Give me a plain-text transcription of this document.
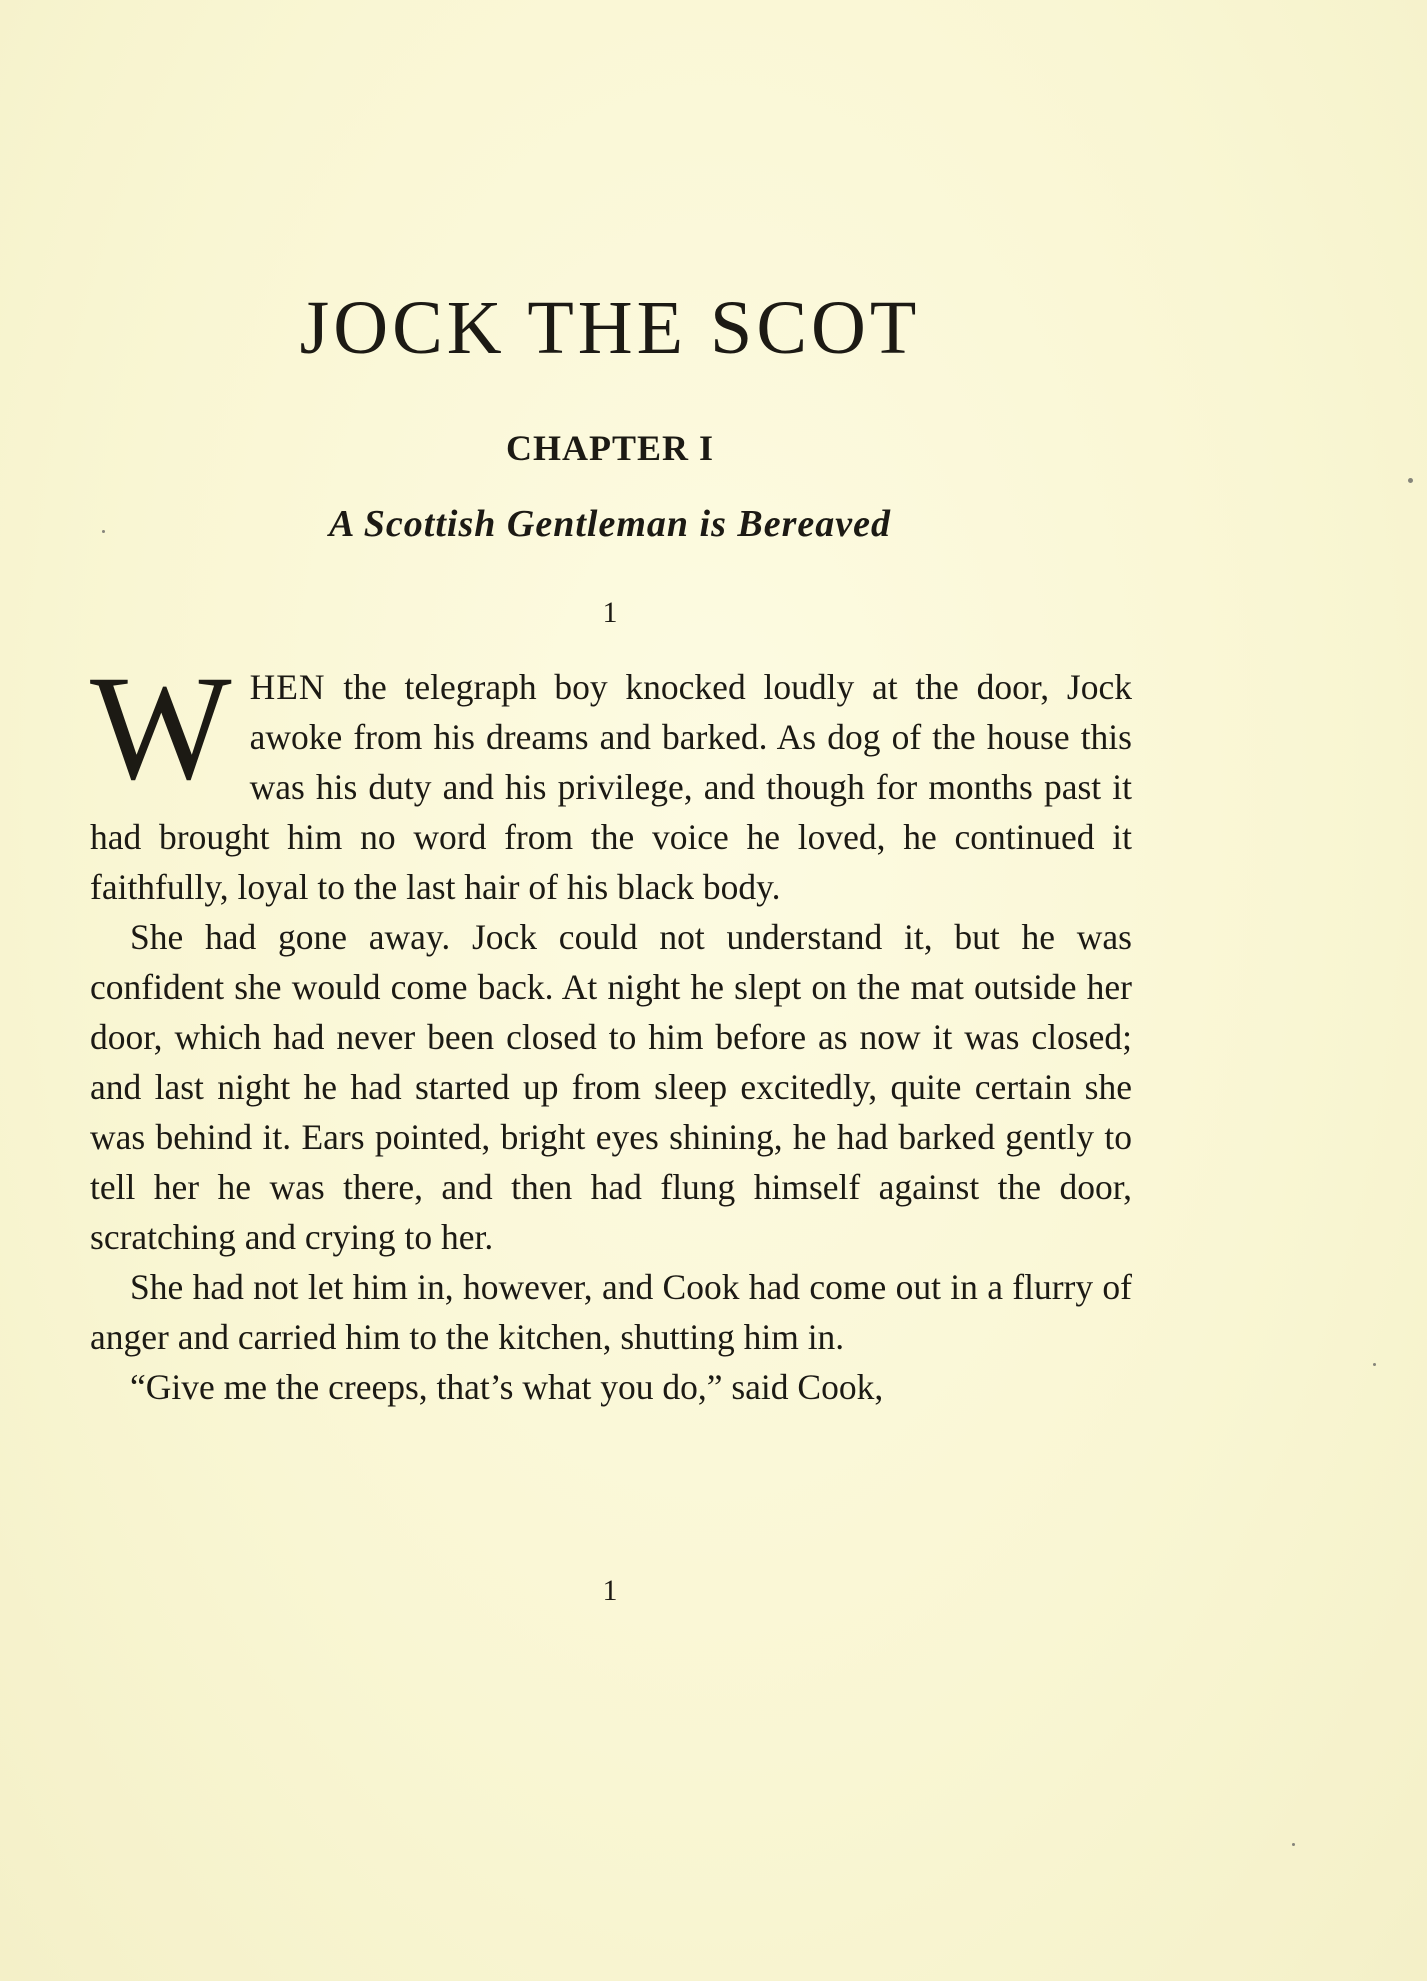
JOCK THE SCOT
CHAPTER I
A Scottish Gentleman is Bereaved
1

WHEN the telegraph boy knocked loudly at the door, Jock awoke from his dreams and barked. As dog of the house this was his duty and his privilege, and though for months past it had brought him no word from the voice he loved, he continued it faithfully, loyal to the last hair of his black body.

She had gone away. Jock could not understand it, but he was confident she would come back. At night he slept on the mat outside her door, which had never been closed to him before as now it was closed; and last night he had started up from sleep excitedly, quite certain she was behind it. Ears pointed, bright eyes shining, he had barked gently to tell her he was there, and then had flung himself against the door, scratching and crying to her.

She had not let him in, however, and Cook had come out in a flurry of anger and carried him to the kitchen, shutting him in.

“Give me the creeps, that’s what you do,” said Cook,

1
